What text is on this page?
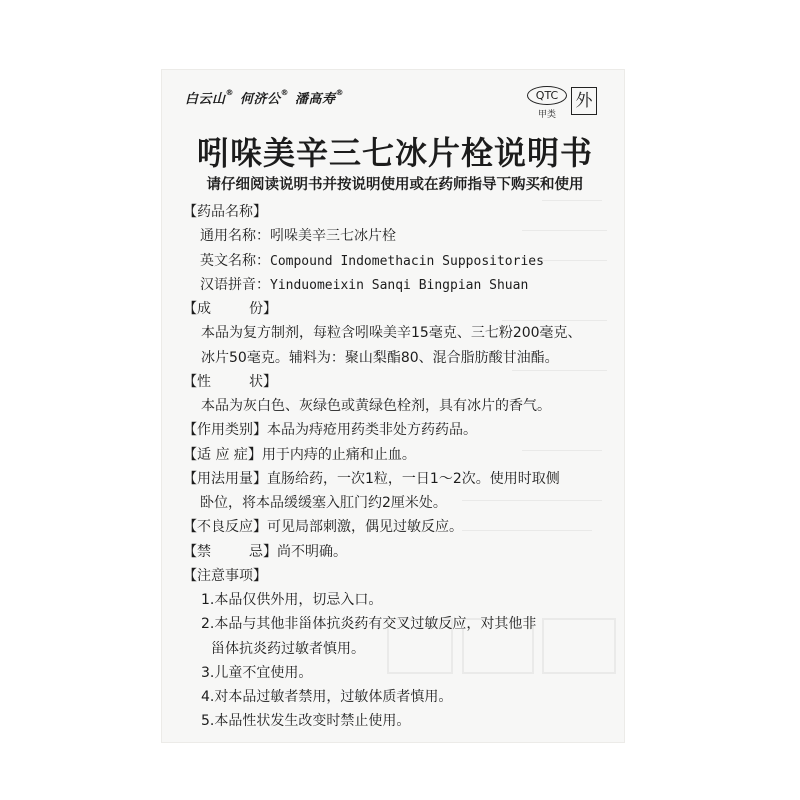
白云山® 何济公® 潘高寿®	QTC
甲类
外
吲哚美辛三七冰片栓说明书
请仔细阅读说明书并按说明使用或在药师指导下购买和使用
【药品名称】
通用名称：吲哚美辛三七冰片栓
英文名称：Compound Indomethacin Suppositories
汉语拼音：Yinduomeixin Sanqi Bingpian Shuan
【成	份】
本品为复方制剂，每粒含吲哚美辛15毫克、三七粉200毫克、
冰片50毫克。辅料为：聚山梨酯80、混合脂肪酸甘油酯。
【性	状】
本品为灰白色、灰绿色或黄绿色栓剂，具有冰片的香气。
【作用类别】本品为痔疮用药类非处方药药品。
【适 应 症】用于内痔的止痛和止血。
【用法用量】直肠给药，一次1粒，一日1～2次。使用时取侧
卧位，将本品缓缓塞入肛门约2厘米处。
【不良反应】可见局部刺激，偶见过敏反应。
【禁	忌】尚不明确。
【注意事项】
1.本品仅供外用，切忌入口。
2.本品与其他非甾体抗炎药有交叉过敏反应，对其他非
甾体抗炎药过敏者慎用。
3.儿童不宜使用。
4.对本品过敏者禁用，过敏体质者慎用。
5.本品性状发生改变时禁止使用。
